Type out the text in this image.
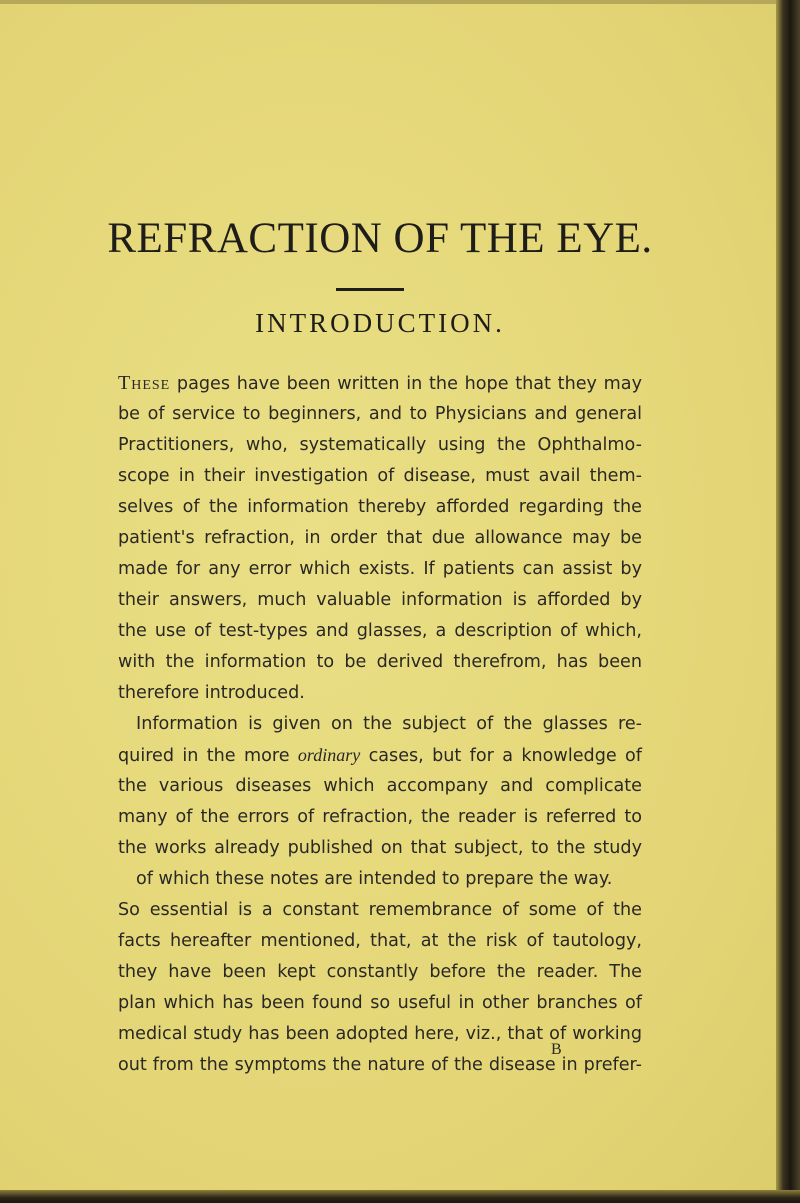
REFRACTION OF THE EYE.
INTRODUCTION.
These pages have been written in the hope that they may
be of service to beginners, and to Physicians and general
Practitioners, who, systematically using the Ophthalmo-
scope in their investigation of disease, must avail them-
selves of the information thereby afforded regarding the
patient's refraction, in order that due allowance may be
made for any error which exists. If patients can assist by
their answers, much valuable information is afforded by
the use of test-types and glasses, a description of which,
with the information to be derived therefrom, has been
therefore introduced.
Information is given on the subject of the glasses re-
quired in the more ordinary cases, but for a knowledge of
the various diseases which accompany and complicate
many of the errors of refraction, the reader is referred to
the works already published on that subject, to the study
of which these notes are intended to prepare the way.
So essential is a constant remembrance of some of the
facts hereafter mentioned, that, at the risk of tautology,
they have been kept constantly before the reader. The
plan which has been found so useful in other branches of
medical study has been adopted here, viz., that of working
out from the symptoms the nature of the disease in prefer-
B
